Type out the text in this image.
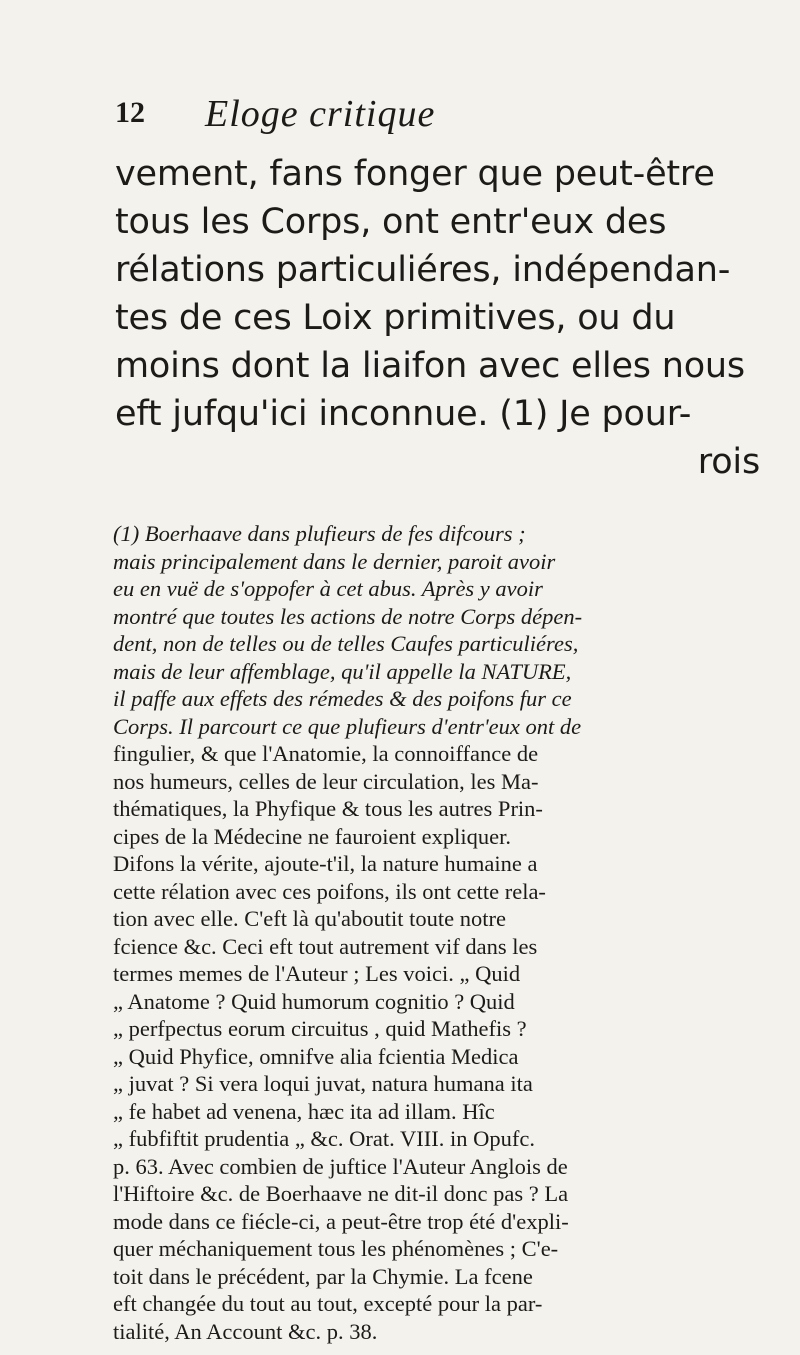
12 Eloge critique
vement, fans fonger que peut-être
tous les Corps, ont entr'eux des
rélations particuliéres, indépendan-
tes de ces Loix primitives, ou du
moins dont la liaifon avec elles nous
eft jufqu'ici inconnue. (1) Je pour-
rois
(1) Boerhaave dans plufieurs de fes difcours ;
mais principalement dans le dernier, paroit avoir
eu en vuë de s'oppofer à cet abus. Après y avoir
montré que toutes les actions de notre Corps dépen-
dent, non de telles ou de telles Caufes particuliéres,
mais de leur affemblage, qu'il appelle la NATURE,
il paffe aux effets des rémedes & des poifons fur ce
Corps. Il parcourt ce que plufieurs d'entr'eux ont de
fingulier, & que l'Anatomie, la connoiffance de
nos humeurs, celles de leur circulation, les Ma-
thématiques, la Phyfique & tous les autres Prin-
cipes de la Médecine ne fauroient expliquer.
Difons la vérite, ajoute-t'il, la nature humaine a
cette rélation avec ces poifons, ils ont cette rela-
tion avec elle. C'eft là qu'aboutit toute notre
fcience &c. Ceci eft tout autrement vif dans les
termes memes de l'Auteur ; Les voici. „ Quid
„ Anatome ? Quid humorum cognitio ? Quid
„ perfpectus eorum circuitus , quid Mathefis ?
„ Quid Phyfice, omnifve alia fcientia Medica
„ juvat ? Si vera loqui juvat, natura humana ita
„ fe habet ad venena, hæc ita ad illam. Hîc
„ fubfiftit prudentia „ &c. Orat. VIII. in Opufc.
p. 63. Avec combien de juftice l'Auteur Anglois de
l'Hiftoire &c. de Boerhaave ne dit-il donc pas ? La
mode dans ce fiécle-ci, a peut-être trop été d'expli-
quer méchaniquement tous les phénomènes ; C'e-
toit dans le précédent, par la Chymie. La fcene
eft changée du tout au tout, excepté pour la par-
tialité, An Account &c. p. 38.
